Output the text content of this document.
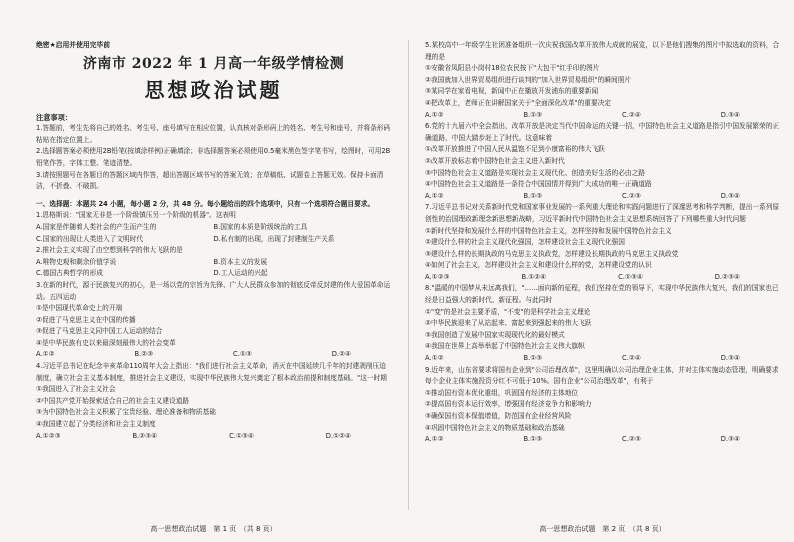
绝密★启用并使用完毕前
济南市 2022 年 1 月高一年级学情检测
思想政治试题
注意事项：
1.答题前，考生先将自己的姓名、考生号、座号填写在相应位置，认真核对条形码上的姓名、考生号和座号，并将条形码粘贴在指定位置上。
2.选择题答案必须使用2B铅笔(按填涂样例)正确填涂；非选择题答案必须使用0.5毫米黑色签字笔书写，绘图时，可用2B铅笔作答，字体工整、笔迹清楚。
3.请按照题号在各题目的答题区域内作答，超出答题区域书写的答案无效；在草稿纸、试题卷上答题无效。保持卡面清洁，不折叠、不破损。
一、选择题：本题共 24 小题，每小题 2 分，共 48 分。每小题给出的四个选项中，只有一个选项符合题目要求。
1.恩格斯说："国家无非是一个阶级镇压另一个阶级的机器"。这表明
A.国家是伴随着人类社会的产生而产生的	B.国家的本质是阶级统治的工具
C.国家的出现让人类进入了文明时代	D.私有制的出现，出现了封建制生产关系
2.推社会主义实现了由空想到科学的伟大飞跃的是
A.唯物史观和剩余价值学说	B.资本主义的发展
C.德国古典哲学的形成	D.工人运动的兴起
3.在新的时代，源于民族复兴的初心，是一场以党的宗旨为先锋、广大人民群众参加的彻底反帝反封建的伟大爱国革命运动。五四运动
①是中国现代革命史上的开端
②促进了马克思主义在中国的传播
③促进了马克思主义同中国工人运动的结合
④是中华民族有史以来最深刻最伟大的社会变革
A.①②	B.②③	C.①③	D.②④
4.习近平总书记在纪念辛亥革命110周年大会上指出："我们进行社会主义革命，消灭在中国延续几千年的封建剥削压迫制度，确立社会主义基本制度，推进社会主义建设，实现中华民族伟大复兴奠定了根本政治前提和制度基础。"这一时期
①我国进入了社会主义社会
②中国共产党开始探索适合自己的社会主义建设道路
③为中国特色社会主义积累了宝贵经验、理论准备和物质基础
④我国建立起了分类经济和社会主义制度
A.①②③	B.②③④	C.①③④	D.①②④
5.某校高中一年级学生社团准备组织一次庆祝我国改革开放伟大成就的展览，以下是他们搜集的图片中拟选取的资料，合理的是
①安徽省凤阳县小岗村18位农民按下"大包干"红手印的图片
②我国就加入世界贸易组织进行谈判的"加入世界贸易组织"的瞬间照片
③某同学在家看电视，新闻中正在播放开发浦东的重要新闻
④把改革上，老师正在讲解国家关于"全面深化改革"的重要决定
A.①②	B.①③	C.②④	D.③④
6.党的十九届六中全会指出，改革开放是决定当代中国命运的关键一招，中国特色社会主义道路是指引中国发展繁荣的正确道路，中国大踏步赶上了时代。这意味着
①改革开放推进了中国人民从温饱不足到小康富裕的伟大飞跃
②改革开放标志着中国特色社会主义进入新时代
③中国特色社会主义道路是实现社会主义现代化、创造美好生活的必由之路
④中国特色社会主义道路是一条符合中国国情并得到广大成功的唯一正确道路
A.①②	B.①③	C.②③	D.③④
7.习近平总书记对关系新时代党和国家事业发展的一系列重大理论和实践问题进行了深邃思考和科学判断，提出一系列原创性的治国理政新理念新思想新战略，习近平新时代中国特色社会主义思想系统回答了下列哪些重大时代问题
①新时代坚持和发展什么样的中国特色社会主义，怎样坚持和发展中国特色社会主义
②建设什么样的社会主义现代化强国，怎样建设社会主义现代化强国
③建设什么样的长期执政的马克思主义执政党，怎样建设长期执政的马克思主义执政党
④如何了社会主义，怎样建设社会主义和建设什么样的党，怎样建设党的认识
A.①②③	B.①②④	C.①③④	D.②③④
8."温暖的中国梦从未远离我们，"……面向新的征程，我们坚持在党的领导下，实现中华民族伟大复兴，我们的国家也已经是日益强大的新时代、新征程。与此同时
①"变"的是社会主要矛盾，"不变"的是科学社会主义理论
②中华民族迎来了从站起来、富起来到强起来的伟大飞跃
③我国创造了发展中国家实现现代化的最好模式
④我国在世界上高举举起了中国特色社会主义伟大旗帜
A.①②	B.①③	C.②④	D.③④
9.近年来，山东省要求将国有企业到"公司治理改革"，这里明确以公司治理企业主体，并对主体实施动态管理，明确要求每个企业主体实施投资分红不可低于10%。国有企业"公司治理改革"，有利于
①推动国有资本优化重组，巩固国有经济的主体地位
②提高国有资本运行效率，增强国有经济竞争力和影响力
③确保国有资本保值增值，防范国有企业经营风险
④巩固中国特色社会主义的物质基础和政治基础
A.①②	B.①③	C.②③	D.③④
高一思想政治试题　第 1 页　（共 8 页）	高一思想政治试题　第 2 页　（共 8 页）
